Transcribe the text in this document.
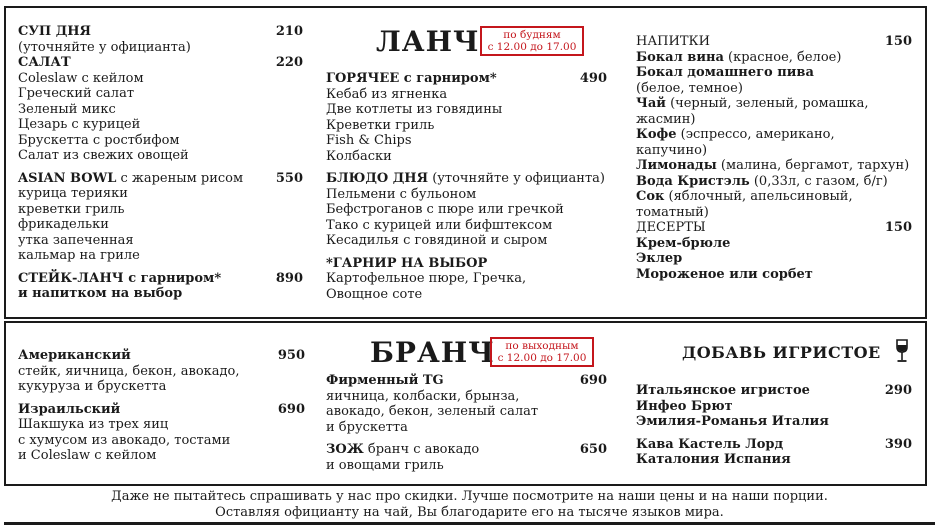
СУП ДНЯ	210
(уточняйте у официанта)
САЛАТ	220
Coleslaw с кейлом
Греческий салат
Зеленый микс
Цезарь с курицей
Брускетта с ростбифом
Салат из свежих овощей
ASIAN BOWL с жареным рисом	550
курица терияки
креветки гриль
фрикадельки
утка запеченная
кальмар на гриле
СТЕЙК-ЛАНЧ с гарниром*	890
и напитком на выбор
ЛАНЧ	по будням
с 12.00 до 17.00
ГОРЯЧЕЕ с гарниром*	490
Кебаб из ягненка
Две котлеты из говядины
Креветки гриль
Fish & Chips
Колбаски
БЛЮДО ДНЯ (уточняйте у официанта)
Пельмени с бульоном
Бефстроганов с пюре или гречкой
Тако с курицей или бифштексом
Кесадилья с говядиной и сыром
*ГАРНИР НА ВЫБОР
Картофельное пюре, Гречка,
Овощное соте
НАПИТКИ	150
Бокал вина (красное, белое)
Бокал домашнего пива
(белое, темное)
Чай (черный, зеленый, ромашка,
жасмин)
Кофе (эспрессо, американо,
капучино)
Лимонады (малина, бергамот, тархун)
Вода Кристэль (0,33л, с газом, б/г)
Сок (яблочный, апельсиновый,
томатный)
ДЕСЕРТЫ	150
Крем-брюле
Эклер
Мороженое или сорбет
Американский	950
стейк, яичница, бекон, авокадо,
кукуруза и брускетта
Израильский	690
Шакшука из трех яиц
с хумусом из авокадо, тостами
и Coleslaw с кейлом
БРАНЧ	по выходным
с 12.00 до 17.00
Фирменный TG	690
яичница, колбаски, брынза,
авокадо, бекон, зеленый салат
и брускетта
ЗОЖ бранч с авокадо	650
и овощами гриль
ДОБАВЬ ИГРИСТОЕ
Итальянское игристое	290
Инфео Брют
Эмилия-Романья Италия
Кава Кастель Лорд	390
Каталония Испания
Даже не пытайтесь спрашивать у нас про скидки. Лучше посмотрите на наши цены и на наши порции.
Оставляя официанту на чай, Вы благодарите его на тысяче языков мира.
